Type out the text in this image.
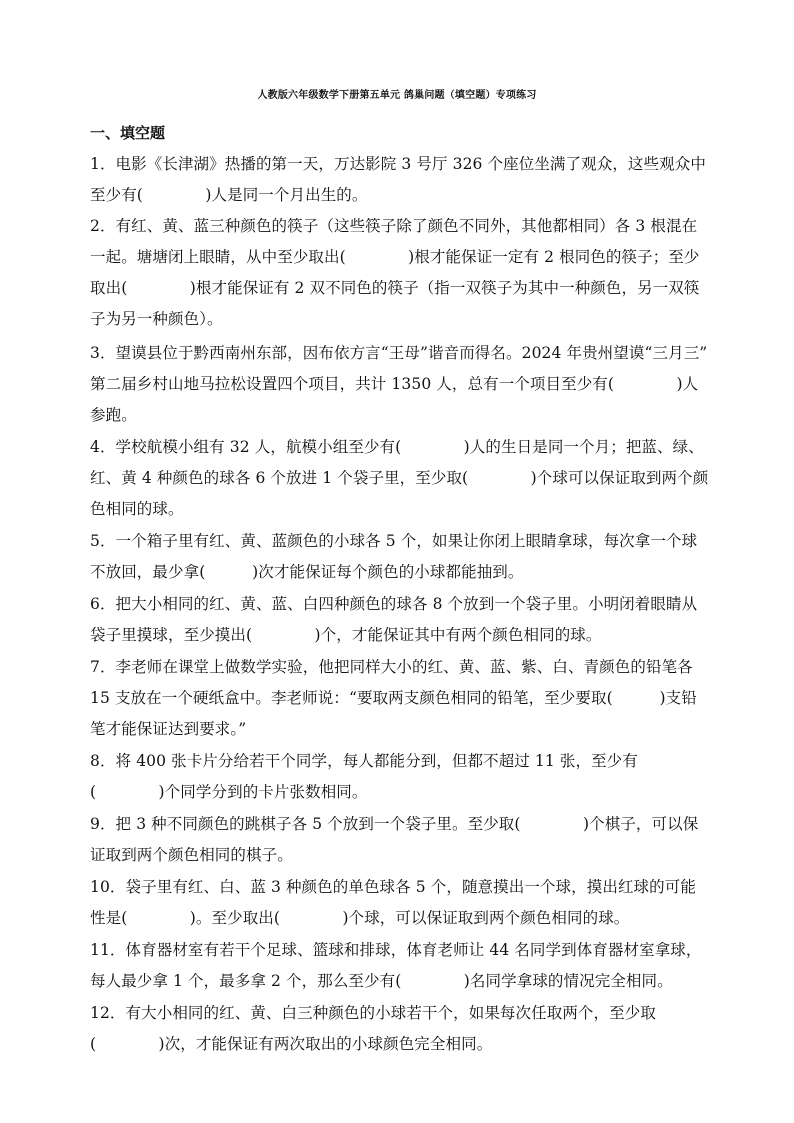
人教版六年级数学下册第五单元 鸽巢问题（填空题）专项练习
一、填空题
1．电影《长津湖》热播的第一天，万达影院 3 号厅 326 个座位坐满了观众，这些观众中
至少有(　　　　)人是同一个月出生的。
2．有红、黄、蓝三种颜色的筷子（这些筷子除了颜色不同外，其他都相同）各 3 根混在
一起。塘塘闭上眼睛，从中至少取出(　　　　)根才能保证一定有 2 根同色的筷子；至少
取出(　　　　)根才能保证有 2 双不同色的筷子（指一双筷子为其中一种颜色，另一双筷
子为另一种颜色）。
3．望谟县位于黔西南州东部，因布依方言“王母”谐音而得名。2024 年贵州望谟“三月三”
第二届乡村山地马拉松设置四个项目，共计 1350 人，总有一个项目至少有(　　　　)人
参跑。
4．学校航模小组有 32 人，航模小组至少有(　　　　)人的生日是同一个月；把蓝、绿、
红、黄 4 种颜色的球各 6 个放进 1 个袋子里，至少取(　　　　)个球可以保证取到两个颜
色相同的球。
5．一个箱子里有红、黄、蓝颜色的小球各 5 个，如果让你闭上眼睛拿球，每次拿一个球
不放回，最少拿(　　　)次才能保证每个颜色的小球都能抽到。
6．把大小相同的红、黄、蓝、白四种颜色的球各 8 个放到一个袋子里。小明闭着眼睛从
袋子里摸球，至少摸出(　　　　)个，才能保证其中有两个颜色相同的球。
7．李老师在课堂上做数学实验，他把同样大小的红、黄、蓝、紫、白、青颜色的铅笔各
15 支放在一个硬纸盒中。李老师说：“要取两支颜色相同的铅笔，至少要取(　　　)支铅
笔才能保证达到要求。”
8．将 400 张卡片分给若干个同学，每人都能分到，但都不超过 11 张，至少有
(　　　　)个同学分到的卡片张数相同。
9．把 3 种不同颜色的跳棋子各 5 个放到一个袋子里。至少取(　　　　)个棋子，可以保
证取到两个颜色相同的棋子。
10．袋子里有红、白、蓝 3 种颜色的单色球各 5 个，随意摸出一个球，摸出红球的可能
性是(　　　　)。至少取出(　　　　)个球，可以保证取到两个颜色相同的球。
11．体育器材室有若干个足球、篮球和排球，体育老师让 44 名同学到体育器材室拿球，
每人最少拿 1 个，最多拿 2 个，那么至少有(　　　　)名同学拿球的情况完全相同。
12．有大小相同的红、黄、白三种颜色的小球若干个，如果每次任取两个，至少取
(　　　　)次，才能保证有两次取出的小球颜色完全相同。
